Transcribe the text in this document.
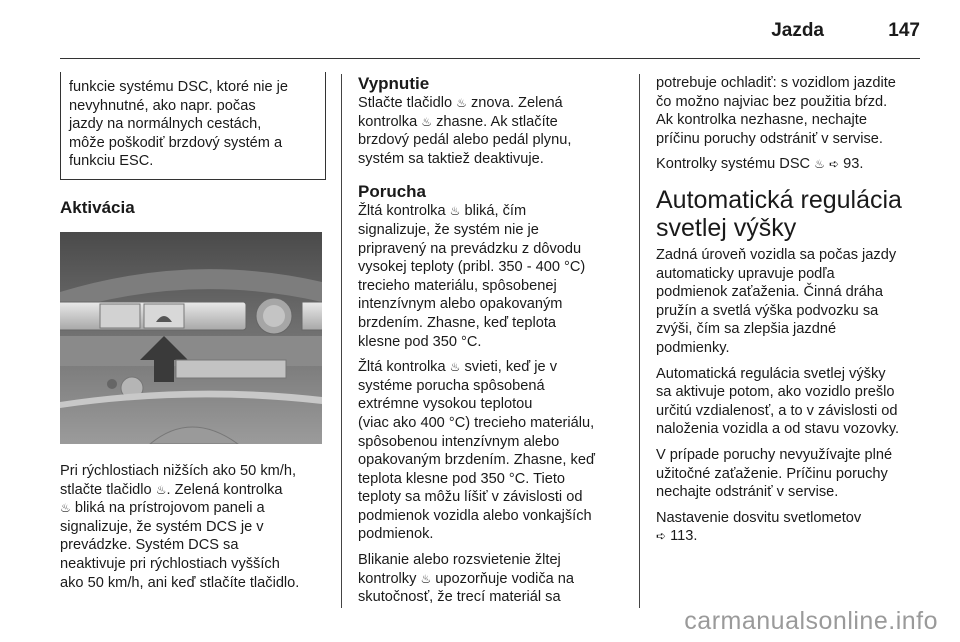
Jazda	147
funkcie systému DSC, ktoré nie je
nevyhnutné, ako napr. počas
jazdy na normálnych cestách,
môže poškodiť brzdový systém a
funkciu ESC.
Aktivácia

Pri rýchlostiach nižších ako 50 km/h,
stlačte tlačidlo ♨. Zelená kontrolka
♨ bliká na prístrojovom paneli a
signalizuje, že systém DCS je v
prevádzke. Systém DCS sa
neaktivuje pri rýchlostiach vyšších
ako 50 km/h, ani keď stlačíte tlačidlo.

Vypnutie

Stlačte tlačidlo ♨ znova. Zelená
kontrolka ♨ zhasne. Ak stlačíte
brzdový pedál alebo pedál plynu,
systém sa taktiež deaktivuje.

Porucha

Žltá kontrolka ♨ bliká, čím
signalizuje, že systém nie je
pripravený na prevádzku z dôvodu
vysokej teploty (pribl. 350 - 400 °C)
trecieho materiálu, spôsobenej
intenzívnym alebo opakovaným
brzdením. Zhasne, keď teplota
klesne pod 350 °C.

Žltá kontrolka ♨ svieti, keď je v
systéme porucha spôsobená
extrémne vysokou teplotou
(viac ako 400 °C) trecieho materiálu,
spôsobenou intenzívnym alebo
opakovaným brzdením. Zhasne, keď
teplota klesne pod 350 °C. Tieto
teploty sa môžu líšiť v závislosti od
podmienok vozidla alebo vonkajších
podmienok.

Blikanie alebo rozsvietenie žltej
kontrolky ♨ upozorňuje vodiča na
skutočnosť, že trecí materiál sa

potrebuje ochladiť: s vozidlom jazdite
čo možno najviac bez použitia bŕzd.
Ak kontrolka nezhasne, nechajte
príčinu poruchy odstrániť v servise.

Kontrolky systému DSC ♨ ➪ 93.

Automatická regulácia
svetlej výšky

Zadná úroveň vozidla sa počas jazdy
automaticky upravuje podľa
podmienok zaťaženia. Činná dráha
pružín a svetlá výška podvozku sa
zvýši, čím sa zlepšia jazdné
podmienky.

Automatická regulácia svetlej výšky
sa aktivuje potom, ako vozidlo prešlo
určitú vzdialenosť, a to v závislosti od
naloženia vozidla a od stavu vozovky.

V prípade poruchy nevyužívajte plné
užitočné zaťaženie. Príčinu poruchy
nechajte odstrániť v servise.

Nastavenie dosvitu svetlometov
➪ 113.

carmanualsonline.info
